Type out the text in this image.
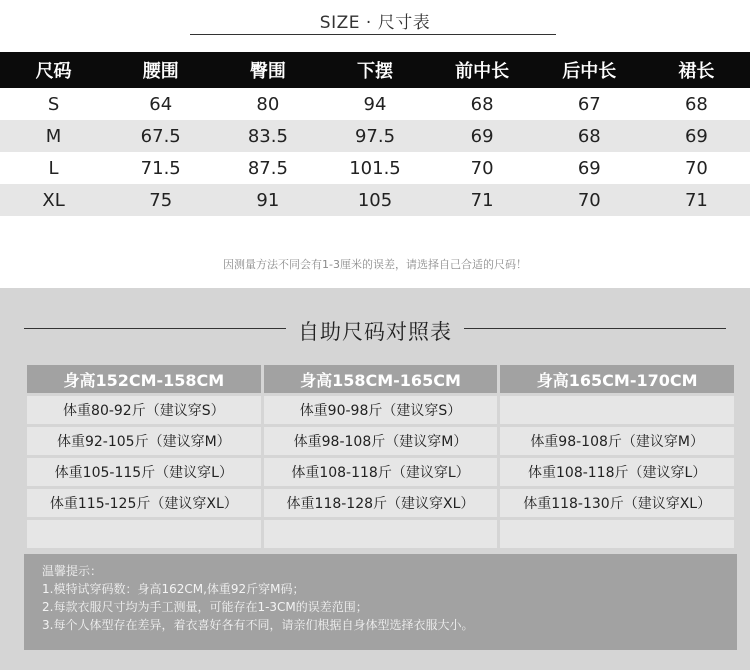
SIZE · 尺寸表
尺码	腰围	臀围	下摆	前中长	后中长	裙长
S	64	80	94	68	67	68
M	67.5	83.5	97.5	69	68	69
L	71.5	87.5	101.5	70	69	70
XL	75	91	105	71	70	71
因测量方法不同会有1-3厘米的误差，请选择自己合适的尺码！
自助尺码对照表
身高152CM-158CM	身高158CM-165CM	身高165CM-170CM
体重80-92斤（建议穿S）	体重90-98斤（建议穿S）	
体重92-105斤（建议穿M）	体重98-108斤（建议穿M）	体重98-108斤（建议穿M）
体重105-115斤（建议穿L）	体重108-118斤（建议穿L）	体重108-118斤（建议穿L）
体重115-125斤（建议穿XL）	体重118-128斤（建议穿XL）	体重118-130斤（建议穿XL）

温馨提示：
1.模特试穿码数：身高162CM,体重92斤穿M码；
2.每款衣服尺寸均为手工测量，可能存在1-3CM的误差范围；
3.每个人体型存在差异，着衣喜好各有不同，请亲们根据自身体型选择衣服大小。
